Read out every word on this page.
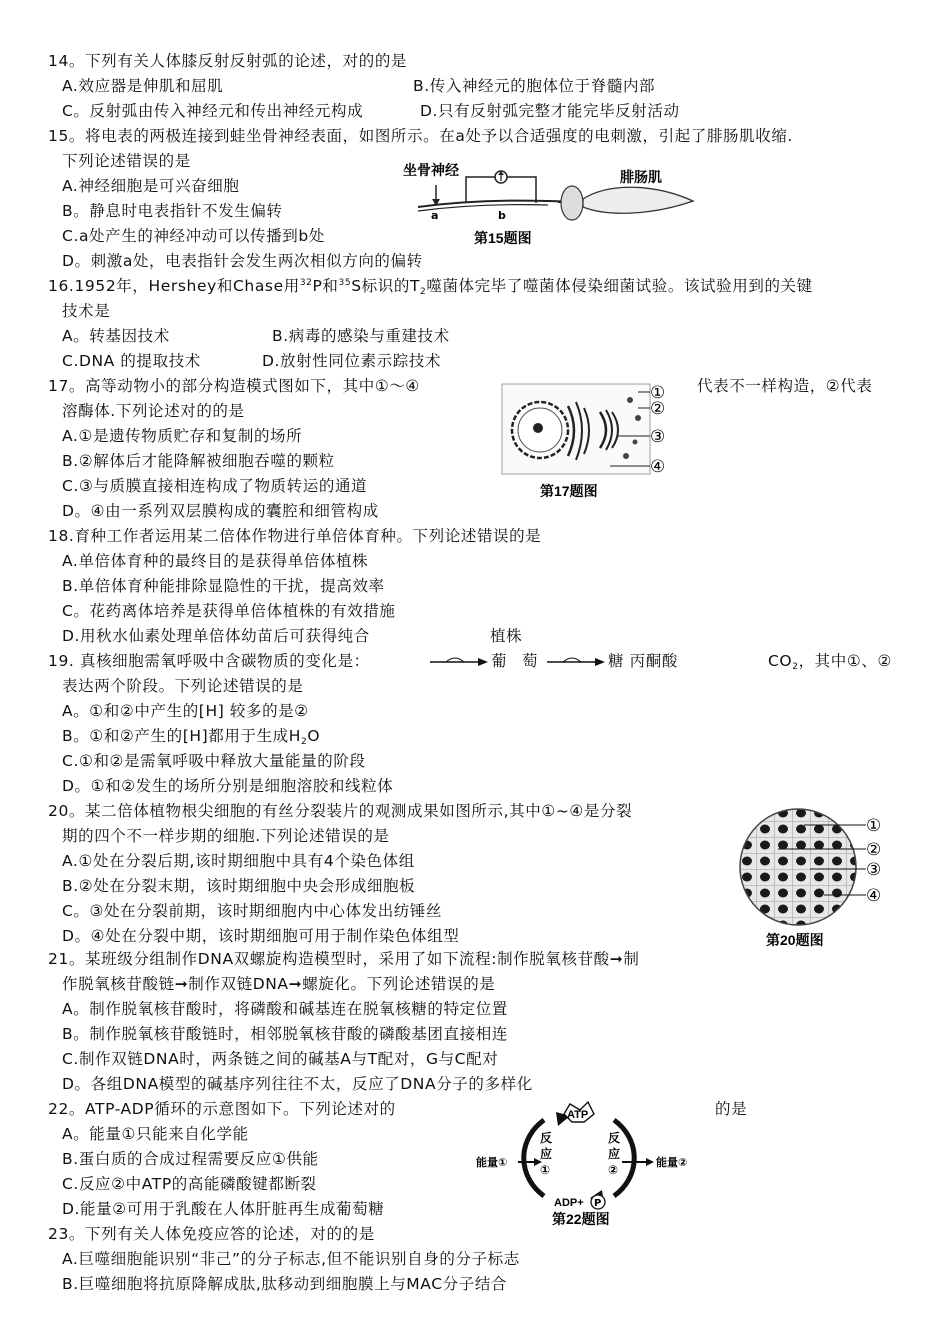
14。下列有关人体膝反射反射弧的论述，对的的是
A.效应器是伸肌和屈肌	B.传入神经元的胞体位于脊髓内部
C。反射弧由传入神经元和传出神经元构成	D.只有反射弧完整才能完毕反射活动
15。将电表的两极连接到蛙坐骨神经表面，如图所示。在a处予以合适强度的电刺激，引起了腓肠肌收缩.
下列论述错误的是
A.神经细胞是可兴奋细胞
B。静息时电表指针不发生偏转
C.a处产生的神经冲动可以传播到b处
D。刺激a处，电表指针会发生两次相似方向的偏转
坐骨神经	腓肠肌
a	b
第15题图
16.1952年，Hershey和Chase用$^{32}$P和$^{35}$S标识的$T_2$噬菌体完毕了噬菌体侵染细菌试验。该试验用到的关键
技术是
A。转基因技术	B.病毒的感染与重建技术
C.DNA 的提取技术	D.放射性同位素示踪技术
17。高等动物小的部分构造模式图如下，其中①～④	代表不一样构造，②代表
溶酶体.下列论述对的的是
A.①是遗传物质贮存和复制的场所
B.②解体后才能降解被细胞吞噬的颗粒
C.③与质膜直接相连构成了物质转运的通道
D。④由一系列双层膜构成的囊腔和细管构成
①
②
③
④
第17题图
18.育种工作者运用某二倍体作物进行单倍体育种。下列论述错误的是
A.单倍体育种的最终目的是获得单倍体植株
B.单倍体育种能排除显隐性的干扰，提高效率
C。花药离体培养是获得单倍体植株的有效措施
D.用秋水仙素处理单倍体幼苗后可获得纯合	植株
19. 真核细胞需氧呼吸中含碳物质的变化是：	葡 萄	糖 丙酮酸	$CO_2$，其中①、②
表达两个阶段。下列论述错误的是
A。①和②中产生的[H] 较多的是②
B。①和②产生的[H]都用于生成$H_2O$
C.①和②是需氧呼吸中释放大量能量的阶段
D。①和②发生的场所分别是细胞溶胶和线粒体
20。某二倍体植物根尖细胞的有丝分裂装片的观测成果如图所示,其中①~④是分裂
期的四个不一样步期的细胞.下列论述错误的是
A.①处在分裂后期,该时期细胞中具有4个染色体组
B.②处在分裂末期，该时期细胞中央会形成细胞板
C。③处在分裂前期，该时期细胞内中心体发出纺锤丝
D。④处在分裂中期，该时期细胞可用于制作染色体组型
①
②
③
④
第20题图
21。某班级分组制作DNA双螺旋构造模型时，采用了如下流程:制作脱氧核苷酸➞制
作脱氧核苷酸链➞制作双链DNA➞螺旋化。下列论述错误的是
A。制作脱氧核苷酸时，将磷酸和碱基连在脱氧核糖的特定位置
B。制作脱氧核苷酸链时，相邻脱氧核苷酸的磷酸基团直接相连
C.制作双链DNA时，两条链之间的碱基A与T配对，G与C配对
D。各组DNA模型的碱基序列往往不太，反应了DNA分子的多样化
22。ATP-ADP循环的示意图如下。下列论述对的	的是
A。能量①只能来自化学能
B.蛋白质的合成过程需要反应①供能
C.反应②中ATP的高能磷酸键都断裂
D.能量②可用于乳酸在人体肝脏再生成葡萄糖
ATP
ADP+ P
反
应
①
反
应
②
能量①	能量②
第22题图
23。下列有关人体免疫应答的论述，对的的是
A.巨噬细胞能识别“非己”的分子标志,但不能识别自身的分子标志
B.巨噬细胞将抗原降解成肽,肽移动到细胞膜上与MAC分子结合
